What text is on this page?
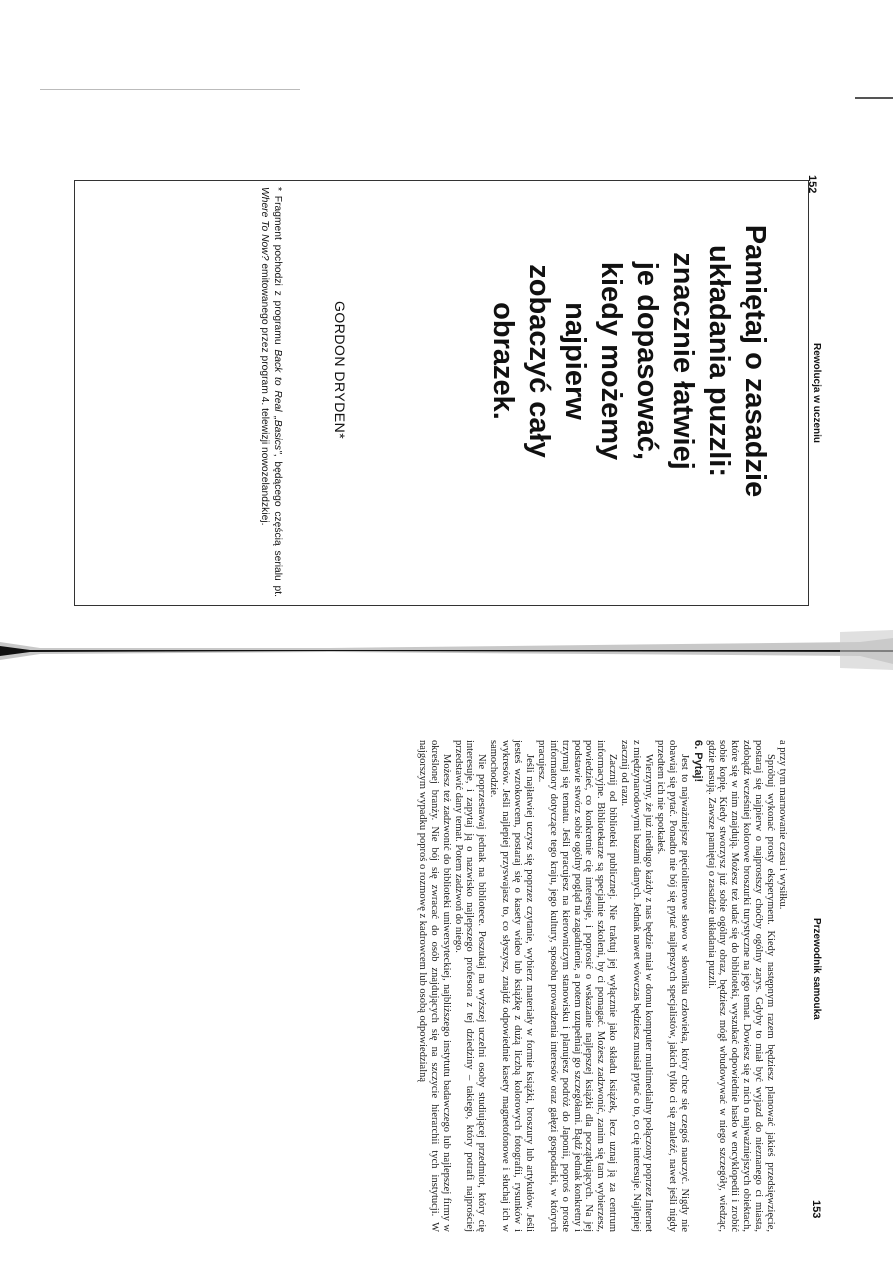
152
Rewolucja w uczeniu
Pamiętaj o zasadzie
układania puzzli:
znacznie łatwiej
je dopasować,
kiedy możemy
najpierw
zobaczyć cały
obrazek.
GORDON DRYDEN*
* Fragment pochodzi z programu Back to Real „Basics", będącego częścią serialu pt. Where To Now? emitowanego przez program 4. telewizji nowozelandzkiej.
Przewodnik samouka
153

a przy tym marnowanie czasu i wysiłku.

Spróbuj wykonać prosty eksperyment. Kiedy następnym razem będziesz planować jakieś przedsięwzięcie, postaraj się najpierw o najprostszy choćby ogólny zarys. Gdyby to miał być wyjazd do nieznanego ci miasta, zdobądź wcześniej kolorowe broszurki turystyczne na jego temat. Dowiesz się z nich o najważniejszych obiektach, które się w nim znajdują. Możesz też udać się do biblioteki, wyszukać odpowiednie hasło w encyklopedii i zrobić sobie kopię. Kiedy stworzysz już sobie ogólny obraz, będziesz mógł wbudowywać w niego szczegóły, wiedząc, gdzie pasują. Zawsze pamiętaj o zasadzie układania puzzli.

6. Pytaj!

Jest to najważniejsze pięcioliterowe słowo w słowniku człowieka, który chce się czegoś nauczyć. Nigdy nie obawiaj się pytać. Ponadto nie bój się pytać najlepszych specjalistów, jakich tylko ci się znaleźć, nawet jeśli nigdy przedtem ich nie spotkałeś.

Wierzymy, że już niedługo każdy z nas będzie miał w domu komputer multimedialny połączony poprzez Internet z międzynarodowymi bazami danych. Jednak nawet wówczas będziesz musiał pytać o to, co cię interesuje. Najlepiej zacznij od razu.

Zacznij od biblioteki publicznej. Nie traktuj jej wyłącznie jako składu książek, lecz uznaj ją za centrum informacyjne. Bibliotekarze są specjalnie szkoleni, by ci pomagać. Możesz zadzwonić, zanim się tam wybierzesz, powiedzieć, co konkretnie cię interesuje, i poprosić o wskazanie najlepszej książki dla początkujących. Na jej podstawie stwórz sobie ogólny pogląd na zagadnienie, a potem uzupełniaj go szczegółami. Bądź jednak konkretny i trzymaj się tematu. Jeśli pracujesz na kierowniczym stanowisku i planujesz podróż do Japonii, poproś o proste informatory dotyczące tego kraju, jego kultury, sposobu prowadzenia interesów oraz gałęzi gospodarki, w których pracujesz.

Jeśli najłatwiej uczysz się poprzez czytanie, wybierz materiały w formie książki, broszury lub artykułów. Jeśli jesteś wzrokowcem, postaraj się o kasety wideo lub książkę z dużą liczbą kolorowych fotografii, rysunków i wykresów. Jeśli najlepiej przyswajasz to, co słyszysz, znajdź odpowiednie kasety magnetofonowe i słuchaj ich w samochodzie.

Nie poprzestawaj jednak na bibliotece. Poszukaj na wyższej uczelni osoby studiującej przedmiot, który cię interesuje, i zapytaj ją o nazwisko najlepszego profesora z tej dziedziny – takiego, który potrafi najprościej przedstawić dany temat. Potem zadzwoń do niego.

Możesz też zadzwonić do biblioteki uniwersyteckiej, najbliższego instytutu badawczego lub najlepszej firmy w określonej branży. Nie bój się zwracać do osób znajdujących się na szczycie hierarchii tych instytucji. W najgorszym wypadku poproś o rozmowę z kadrowcem lub osobą odpowiedzialną
